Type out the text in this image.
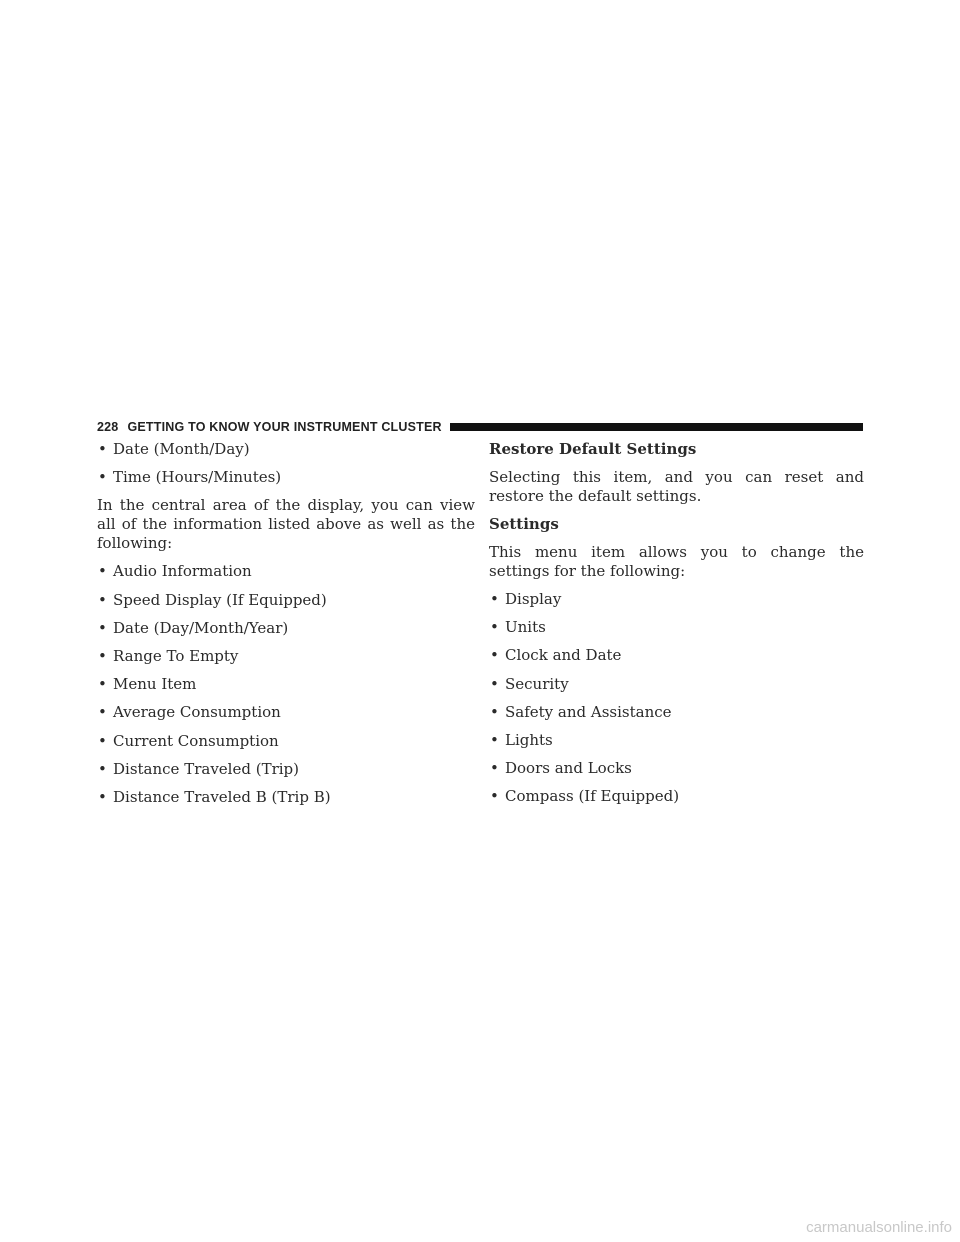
228 GETTING TO KNOW YOUR INSTRUMENT CLUSTER
• Date (Month/Day)
• Time (Hours/Minutes)

In the central area of the display, you can view all of the information listed above as well as the following:

• Audio Information
• Speed Display (If Equipped)
• Date (Day/Month/Year)
• Range To Empty
• Menu Item
• Average Consumption
• Current Consumption
• Distance Traveled (Trip)
• Distance Traveled B (Trip B)
Restore Default Settings

Selecting this item, and you can reset and restore the default settings.

Settings

This menu item allows you to change the settings for the following:

• Display
• Units
• Clock and Date
• Security
• Safety and Assistance
• Lights
• Doors and Locks
• Compass (If Equipped)
carmanualsonline.info
